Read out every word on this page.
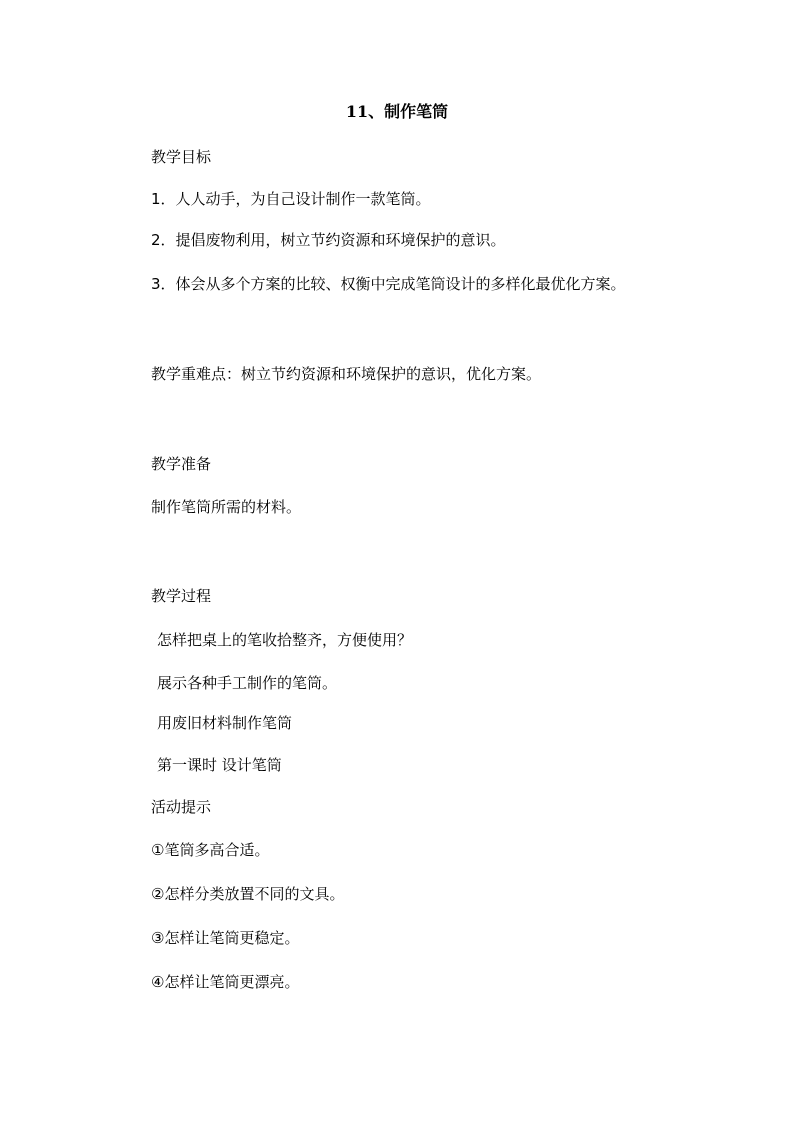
11、制作笔筒
教学目标
1．人人动手，为自己设计制作一款笔筒。
2．提倡废物利用，树立节约资源和环境保护的意识。
3．体会从多个方案的比较、权衡中完成笔筒设计的多样化最优化方案。
教学重难点：树立节约资源和环境保护的意识，优化方案。
教学准备
制作笔筒所需的材料。
教学过程
怎样把桌上的笔收拾整齐，方便使用？
展示各种手工制作的笔筒。
用废旧材料制作笔筒
第一课时 设计笔筒
活动提示
①笔筒多高合适。
②怎样分类放置不同的文具。
③怎样让笔筒更稳定。
④怎样让笔筒更漂亮。
